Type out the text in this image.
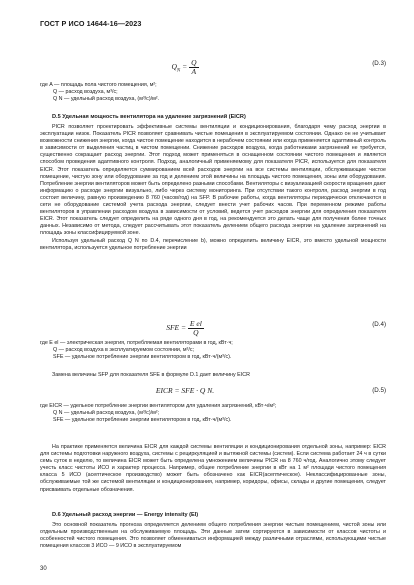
ГОСТ Р ИСО 14644-16—2023
$Q_N = \frac{Q}{A}$	(D.3)

где A — площадь пола чистого помещения, м²;

Q — расход воздуха, м³/с;

Q N — удельный расход воздуха, (м³/с)/м².

D.5 Удельная мощность вентилятора на удаление загрязнений (EICR)

PICR позволяет проектировать эффективные системы вентиляции и кондиционирования, благодаря чему расход энергии в эксплуатации низок. Показатель PICR позволяет сравнивать чистые помещения в эксплуатируемом состоянии. Однако он не учитывает возможности снижения энергии, когда чистое помещение находится в нерабочем состоянии или когда применяется адаптивный контроль в зависимости от выделения частиц в чистом помещении. Снижение расходов воздуха, когда работниками загрязнений не требуется, существенно сокращает расход энергии. Этот подход может применяться в оснащенном состоянии чистого помещения и является способом проведения адаптивного контроля. Подход, аналогичный применяемому для показателя PICR, используется для показателя EICR. Этот показатель определяется суммированием всей расходов энергии на все системы вентиляции, обслуживающие чистое помещение, чистую зону или оборудование за год и делением этой величины на площадь чистого помещения, зоны или оборудования. Потребление энергии вентиляторов может быть определено разными способами. Вентиляторы с визуализацией скорости вращения дают информацию о расходе энергии визуально, либо через систему мониторинга. При отсутствии такого контроля, расход энергии в год состоит величину, равную произведению 8 760 (часов/год) на SFP. В рабочие работы, когда вентиляторы периодически отключаются в сети не оборудование системой учета расхода энергии, следует внести учет рабочих часов. При переменном режиме работы вентиляторов в управлении расходом воздуха в зависимости от условий, ведется учет расходов энергии для определения показателя EICR. Этот показатель следует определить на ряде одного дня в год, на рекомендуется это делать чаще для получения более точных данных. Независимо от метода, следует рассчитывать этот показатель делением общего расхода энергии на удаление загрязнений на площадь зоны классифицируемой зоне.

Используя удельный расход Q N по D.4, перечисление b), можно определить величину EICR, это вместо удельной мощности вентилятора, используется удельное потребление энергии

SFE = $\frac{\text{E el}}{Q}$	(D.4)

где E el — электрическая энергия, потребляемая вентиляторами в год, кВт·ч;

Q — расход воздуха в эксплуатируемом состоянии, м³/с;

SFE — удельное потребление энергии вентилятором в год, кВт·ч/(м³/с).

Замена величины SFP для показателя SFE в формуле D.1 дает величину EICR

EICR = SFE · Q N.	(D.5)

где EICR — удельное потребление энергии вентилятором для удаления загрязнений, кВт·ч/м²;

Q N — удельный расход воздуха, (м³/с)/м²;

SFE — удельное потребление энергии вентилятором в год, кВт·ч/(м³/с).

На практике применяется величина EICR для каждой системы вентиляции и кондиционирования отдельной зоны, например: EICR для системы подготовки наружного воздуха, системы с рециркуляцией и вытяжной системы (систем). Если система работает 24 ч в сутки семь суток в неделю, то величина EICR может быть определена умножением величины PICR на 8 760 ч/год. Аналогично этому следует учесть класс чистоты ИСО и характер процесса. Например, общее потребление энергии в кВт на 1 м² площади чистого помещения класса 5 ИСО (асептическое производство) может быть обозначено как EICR(асептическое). Неклассифицированные зоны, обслуживаемые той же системой вентиляции и кондиционирования, например, коридоры, офисы, склады и другие помещения, следует присваивать отдельные обозначения.

D.6 Удельный расход энергии — Energy intensity (EI)

Это основной показатель прогноза определяется делением общего потребления энергии чистым помещением, чистой зоны или отдельным производственным на обслуживаемую площадь. Эти данные затем сортируются в зависимости от классов чистоты и особенностей чистого помещения. Это позволяет обменниваться информацией между различными отраслями, использующими чистые помещения классов 3 ИСО — 9 ИСО в эксплуатируемом

30
